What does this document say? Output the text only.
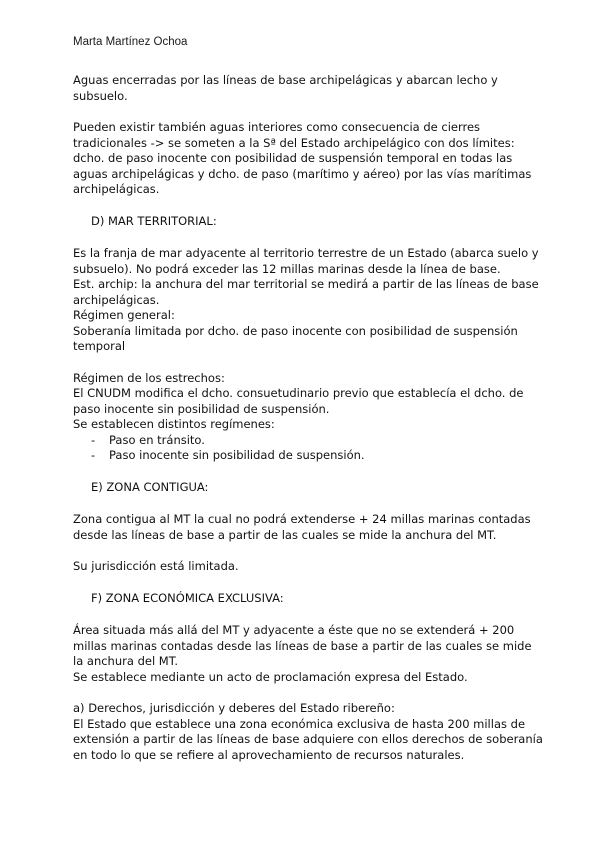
Marta Martínez Ochoa

Aguas encerradas por las líneas de base archipelágicas y abarcan lecho y subsuelo.

Pueden existir también aguas interiores como consecuencia de cierres tradicionales -> se someten a la Sª del Estado archipelágico con dos límites: dcho. de paso inocente con posibilidad de suspensión temporal en todas las aguas archipelágicas y dcho. de paso (marítimo y aéreo) por las vías marítimas archipelágicas.

D) MAR TERRITORIAL:

Es la franja de mar adyacente al territorio terrestre de un Estado (abarca suelo y subsuelo). No podrá exceder las 12 millas marinas desde la línea de base.

Est. archip: la anchura del mar territorial se medirá a partir de las líneas de base archipelágicas.

Régimen general:

Soberanía limitada por dcho. de paso inocente con posibilidad de suspensión temporal

Régimen de los estrechos:

El CNUDM modifica el dcho. consuetudinario previo que establecía el dcho. de paso inocente sin posibilidad de suspensión.

Se establecen distintos regímenes:

- Paso en tránsito.
- Paso inocente sin posibilidad de suspensión.

E) ZONA CONTIGUA:

Zona contigua al MT la cual no podrá extenderse + 24 millas marinas contadas desde las líneas de base a partir de las cuales se mide la anchura del MT.

Su jurisdicción está limitada.

F) ZONA ECONÓMICA EXCLUSIVA:

Área situada más allá del MT y adyacente a éste que no se extenderá + 200 millas marinas contadas desde las líneas de base a partir de las cuales se mide la anchura del MT.

Se establece mediante un acto de proclamación expresa del Estado.

a) Derechos, jurisdicción y deberes del Estado ribereño:

El Estado que establece una zona económica exclusiva de hasta 200 millas de extensión a partir de las líneas de base adquiere con ellos derechos de soberanía en todo lo que se refiere al aprovechamiento de recursos naturales.
